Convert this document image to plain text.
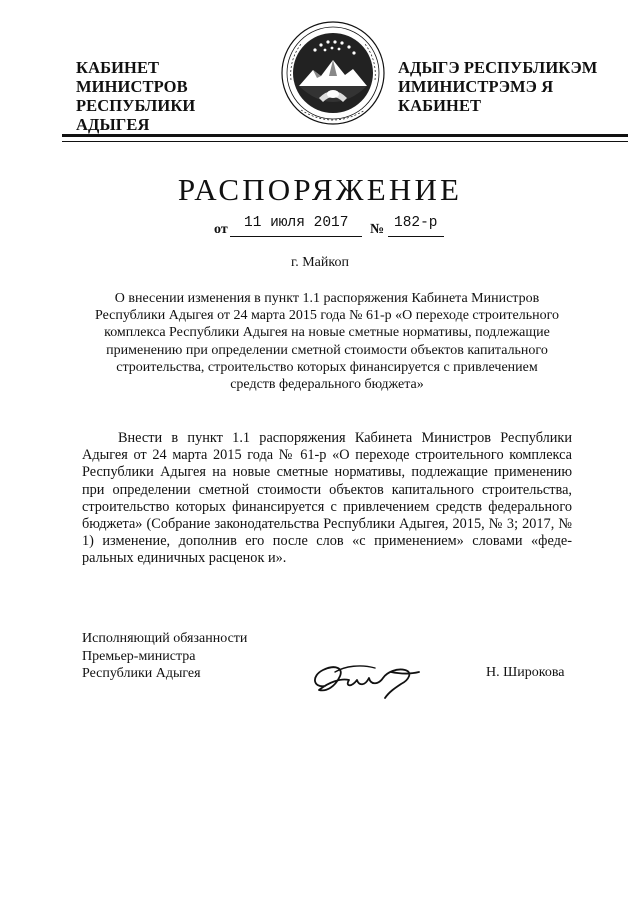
КАБИНЕТ МИНИСТРОВ
РЕСПУБЛИКИ АДЫГЕЯ
АДЫГЭ РЕСПУБЛИКЭМ
ИМИНИСТРЭМЭ Я КАБИНЕТ
РАСПОРЯЖЕНИЕ
от 11 июля 2017 № 182-р
г. Майкоп
О внесении изменения в пункт 1.1 распоряжения Кабинета Министров
Республики Адыгея от 24 марта 2015 года № 61-р «О переходе строительного
комплекса Республики Адыгея на новые сметные нормативы, подлежащие
применению при определении сметной стоимости объектов капитального
строительства, строительство которых финансируется с привлечением
средств федерального бюджета»
Внести в пункт 1.1 распоряжения Кабинета Министров Республики Адыгея от 24 марта 2015 года № 61-р «О переходе строительного комплекса Республики Адыгея на новые сметные нормативы, подлежащие применению при определении сметной стоимости объектов капитального строительства, строительство которых финансируется с привлечением средств федерального бюджета» (Собрание законодательства Республики Адыгея, 2015, № 3; 2017, № 1) изменение, дополнив его после слов «с применением» словами «федеральных единичных расценок и».
Исполняющий обязанности
Премьер-министра
Республики Адыгея	Н. Широкова
